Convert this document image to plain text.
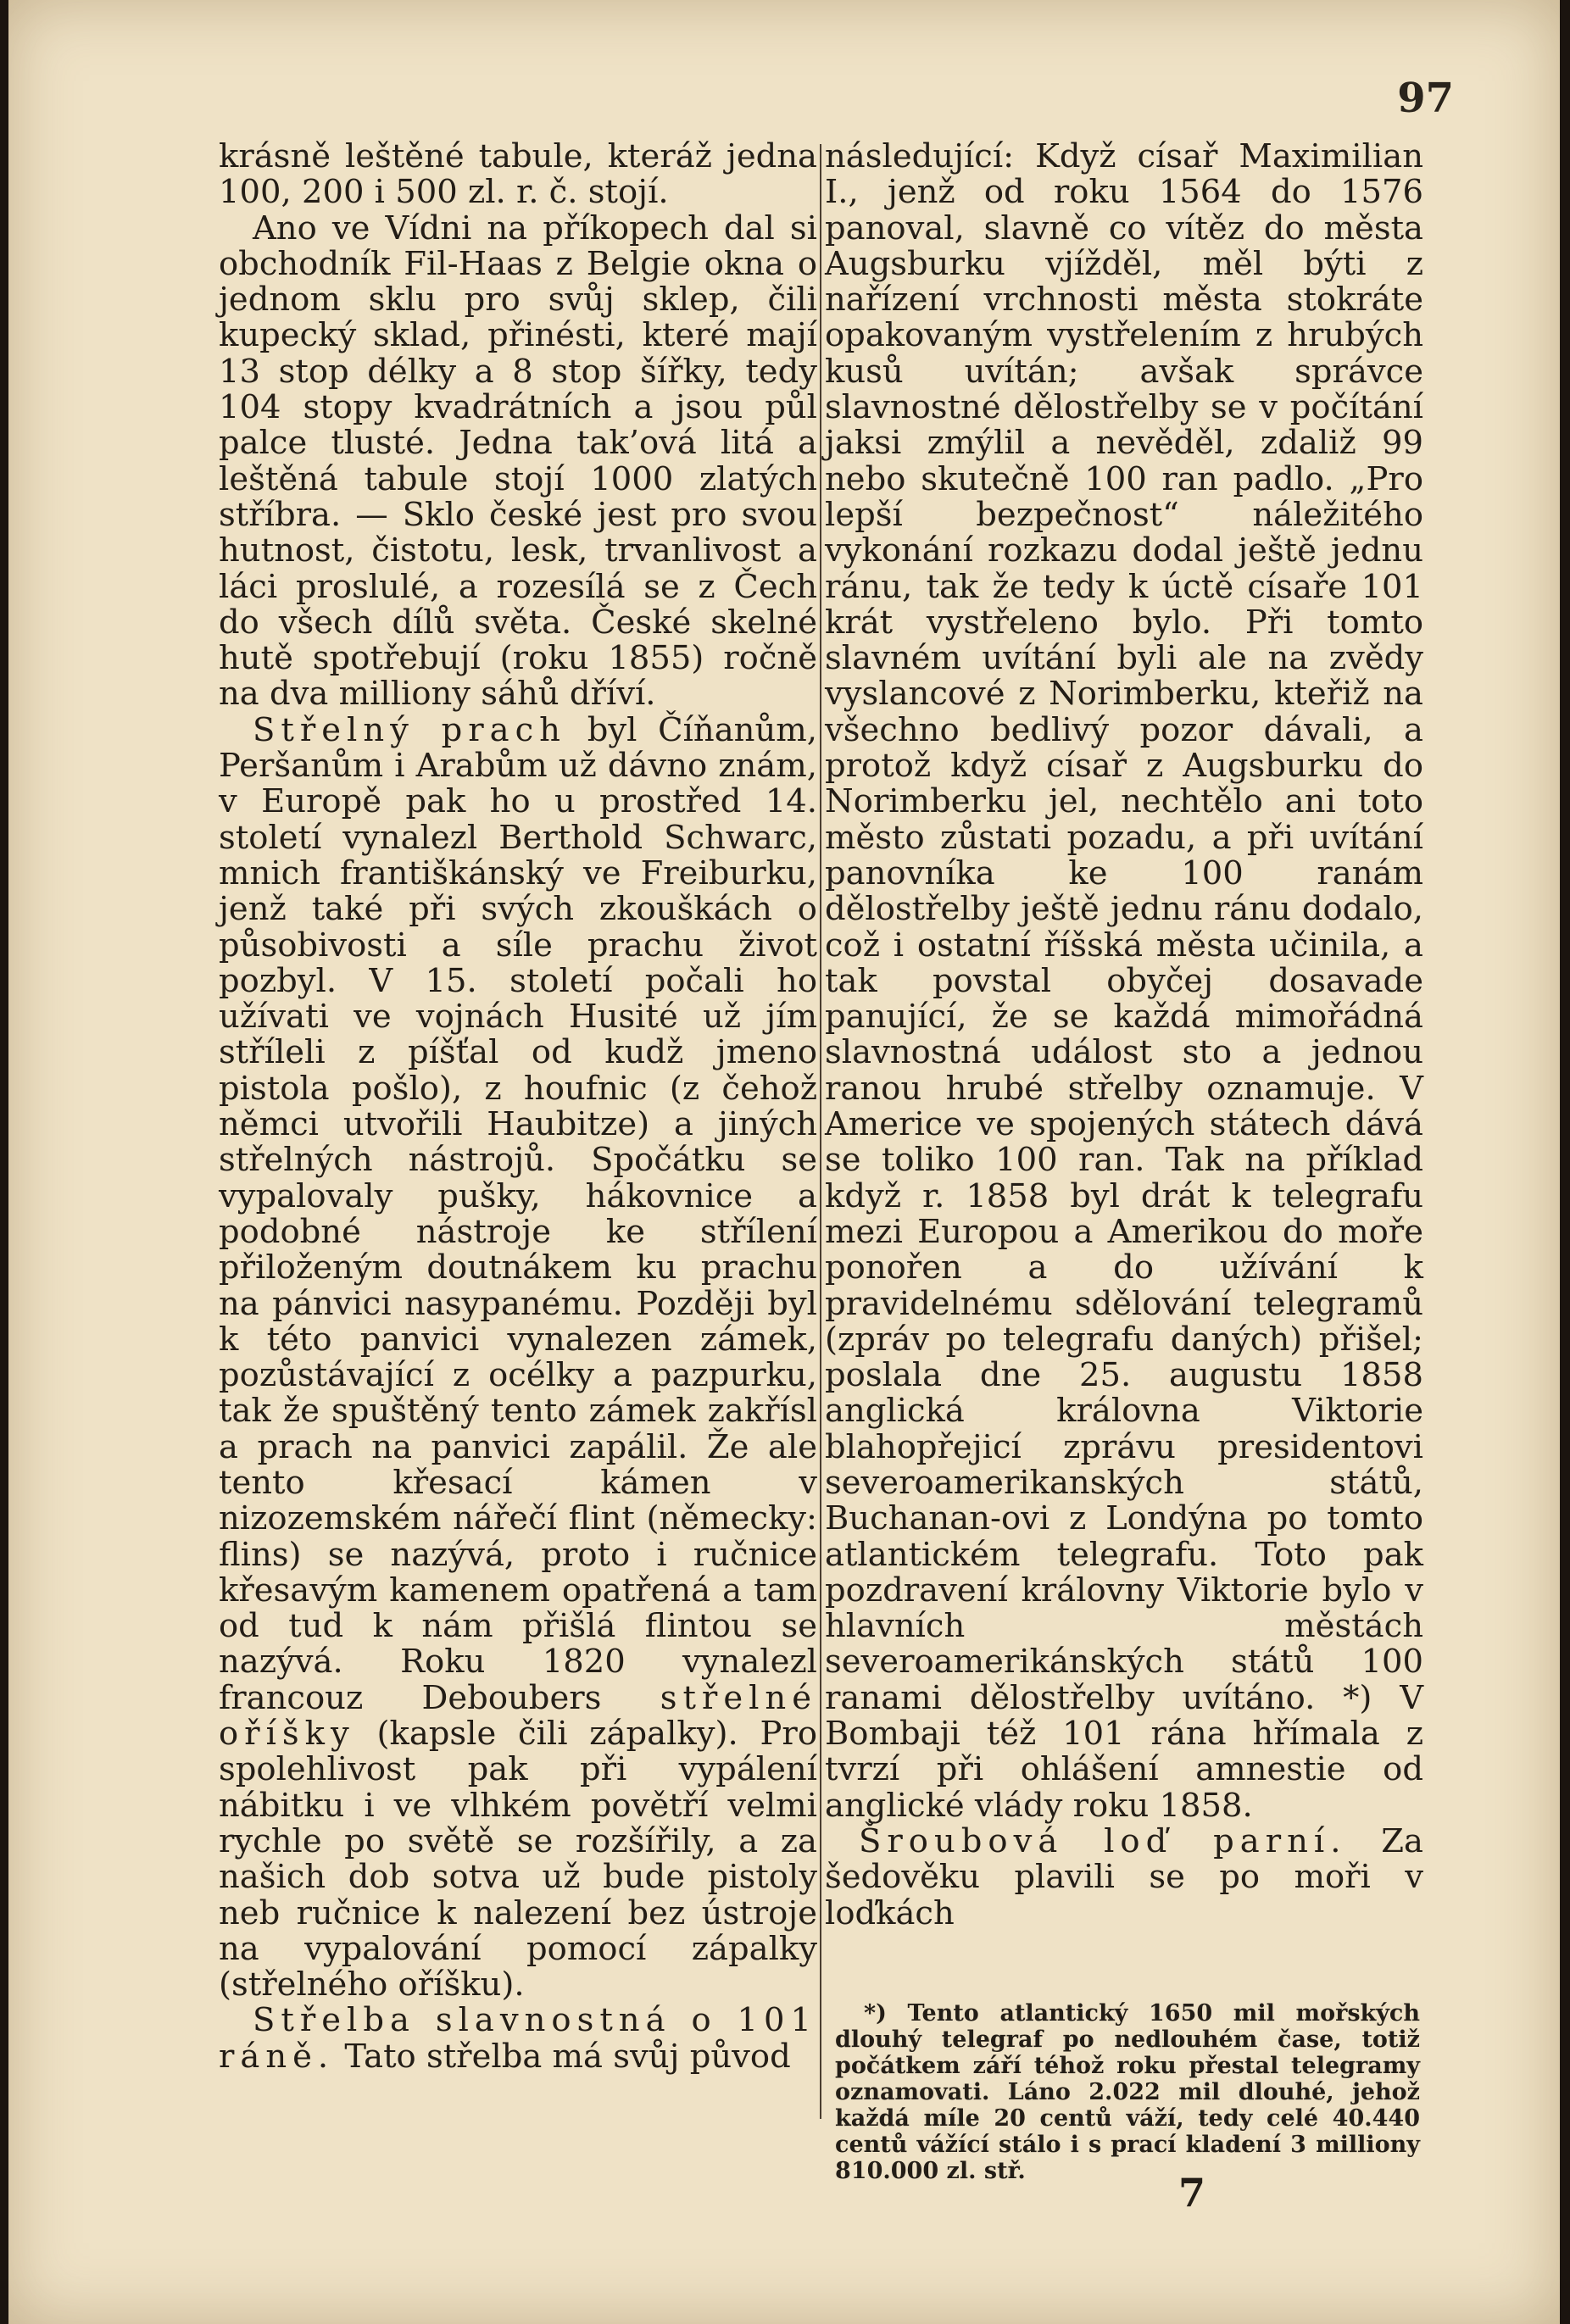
97

krásně leštěné tabule, kteráž jedna 100, 200 i 500 zl. r. č. stojí.

Ano ve Vídni na příkopech dal si obchodník Fil-Haas z Belgie okna o jednom sklu pro svůj sklep, čili kupecký sklad, přinésti, které mají 13 stop délky a 8 stop šířky, tedy 104 stopy kvadrátních a jsou půl palce tlusté. Jedna tak’ová litá a leštěná tabule stojí 1000 zlatých stříbra. — Sklo české jest pro svou hutnost, čistotu, lesk, trvanlivost a láci proslulé, a rozesílá se z Čech do všech dílů světa. České skelné hutě spotřebují (roku 1855) ročně na dva milliony sáhů dříví.

Střelný prach byl Číňanům, Peršanům i Arabům už dávno znám, v Europě pak ho u prostřed 14. století vynalezl Berthold Schwarc, mnich františkánský ve Freiburku, jenž také při svých zkouškách o působivosti a síle prachu život pozbyl. V 15. století počali ho užívati ve vojnách Husité už jím stříleli z píšťal od kudž jmeno pistola pošlo), z houfnic (z čehož němci utvořili Haubitze) a jiných střelných nástrojů. Spočátku se vypalovaly pušky, hákovnice a podobné nástroje ke střílení přiloženým doutnákem ku prachu na pánvici nasypanému. Později byl k této panvici vynalezen zámek, pozůstávající z océlky a pazpurku, tak že spuštěný tento zámek zakřísl a prach na panvici zapálil. Že ale tento křesací kámen v nizozemském nářečí flint (německy: flins) se nazývá, proto i ručnice křesavým kamenem opatřená a tam od tud k nám přišlá flintou se nazývá. Roku 1820 vynalezl francouz Deboubers střelné oříšky (kapsle čili zápalky). Pro spolehlivost pak při vypálení nábitku i ve vlhkém povětří velmi rychle po světě se rozšířily, a za našich dob sotva už bude pistoly neb ručnice k nalezení bez ústroje na vypalování pomocí zápalky (střelného oříšku).

Střelba slavnostná o 101 ráně. Tato střelba má svůj původ

následující: Když císař Maximilian I., jenž od roku 1564 do 1576 panoval, slavně co vítěz do města Augsburku vjížděl, měl býti z nařízení vrchnosti města stokráte opakovaným vystřelením z hrubých kusů uvítán; avšak správce slavnostné dělostřelby se v počítání jaksi zmýlil a nevěděl, zdaliž 99 nebo skutečně 100 ran padlo. „Pro lepší bezpečnost“ náležitého vykonání rozkazu dodal ještě jednu ránu, tak že tedy k úctě císaře 101 krát vystřeleno bylo. Při tomto slavném uvítání byli ale na zvědy vyslancové z Norimberku, kteřiž na všechno bedlivý pozor dávali, a protož když císař z Augsburku do Norimberku jel, nechtělo ani toto město zůstati pozadu, a při uvítání panovníka ke 100 ranám dělostřelby ještě jednu ránu dodalo, což i ostatní říšská města učinila, a tak povstal obyčej dosavade panující, že se každá mimořádná slavnostná událost sto a jednou ranou hrubé střelby oznamuje. V Americe ve spojených státech dává se toliko 100 ran. Tak na příklad když r. 1858 byl drát k telegrafu mezi Europou a Amerikou do moře ponořen a do užívání k pravidelnému sdělování telegramů (zpráv po telegrafu daných) přišel; poslala dne 25. augustu 1858 anglická královna Viktorie blahopřejicí zprávu presidentovi severoamerikanských států, Buchanan-ovi z Londýna po tomto atlantickém telegrafu. Toto pak pozdravení královny Viktorie bylo v hlavních městách severoamerikánských států 100 ranami dělostřelby uvítáno. *) V Bombaji též 101 rána hřímala z tvrzí při ohlášení amnestie od anglické vlády roku 1858.

Šroubová loď parní. Za šedověku plavili se po moři v loďkách

*) Tento atlantický 1650 mil mořských dlouhý telegraf po nedlouhém čase, totiž počátkem září téhož roku přestal telegramy oznamovati. Láno 2.022 mil dlouhé, jehož každá míle 20 centů váží, tedy celé 40.440 centů vážící stálo i s prací kladení 3 milliony 810.000 zl. stř.	7
